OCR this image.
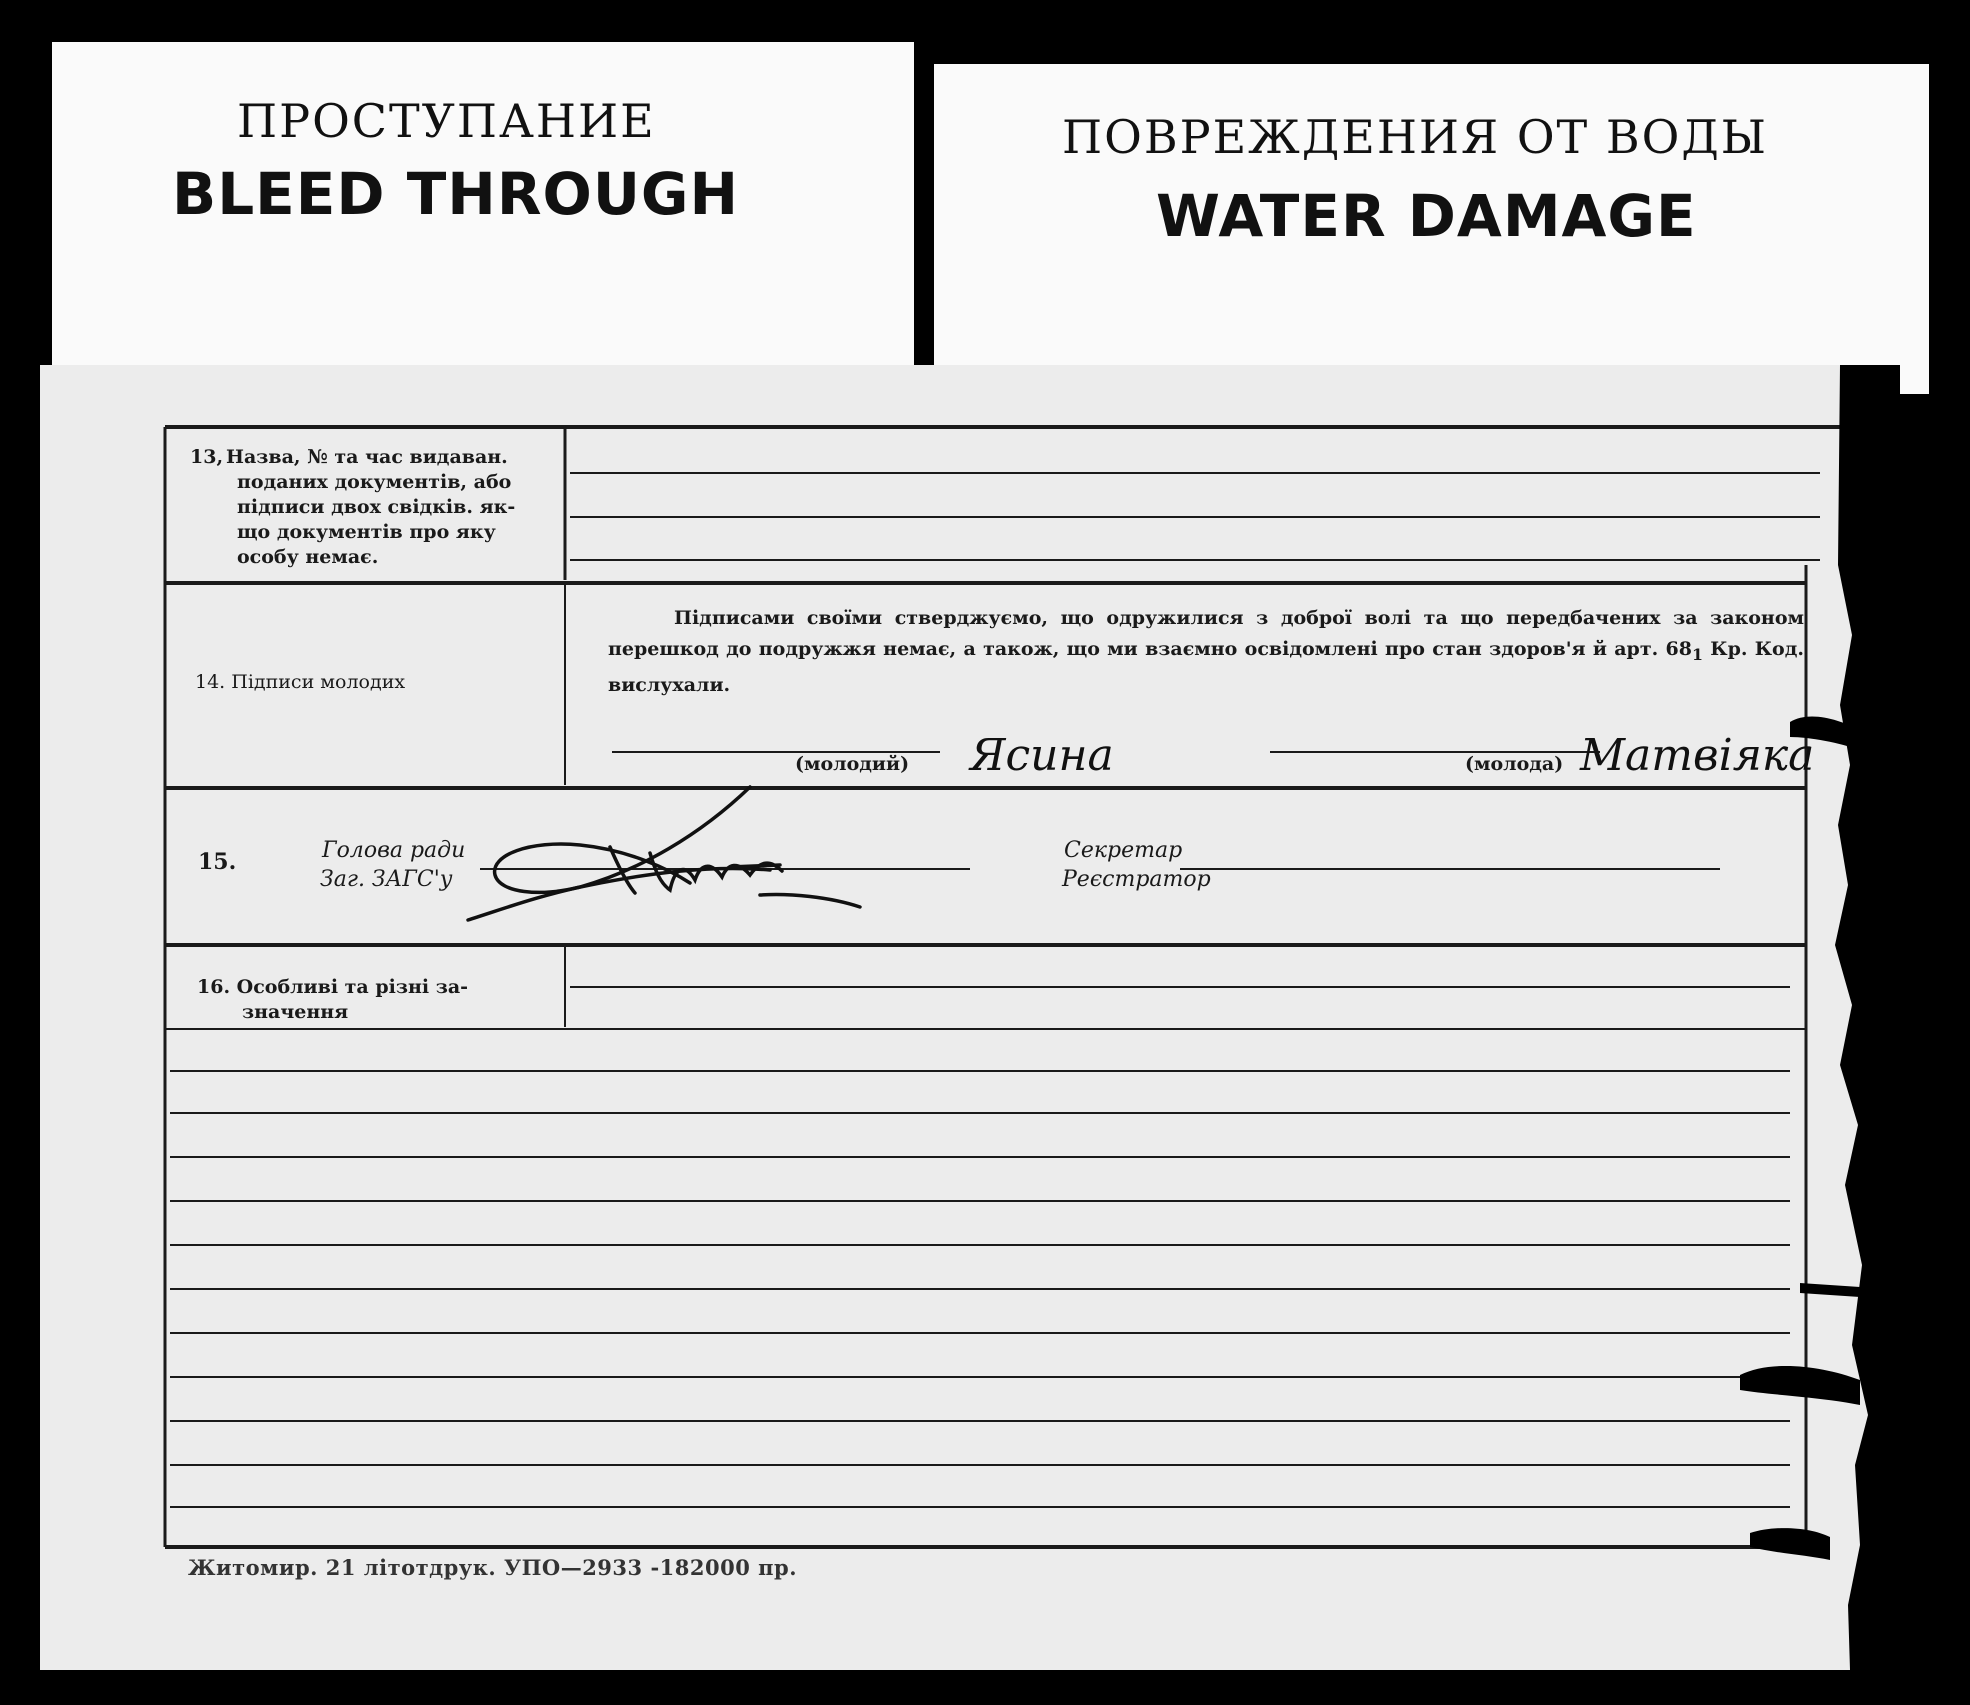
ПРОСТУПАНИЕ
BLEED THROUGH
ПОВРЕЖДЕНИЯ ОТ ВОДЫ
WATER DAMAGE
13, Назва, № та час видаван.
поданих документів, або
підписи двох свідків. як-
що документів про яку
особу немає.
14. Підписи молодих
Підписами своїми стверджуємо, що одружилися з доброї волі та що передбачених за законом перешкод до подружжя немає, а також, що ми взаємно освідомлені про стан здоров'я й арт. $68_1$ Кр. Код. вислухали.
(молодий)	(молода)
Ясина	Матвіяка
15.	Голова ради
Заг. ЗАГС'у
Секретар
Реєстратор
16. Особливі та різні за-
значення
Житомир. 21 літотдрук. УПО—2933 -182000 пр.
